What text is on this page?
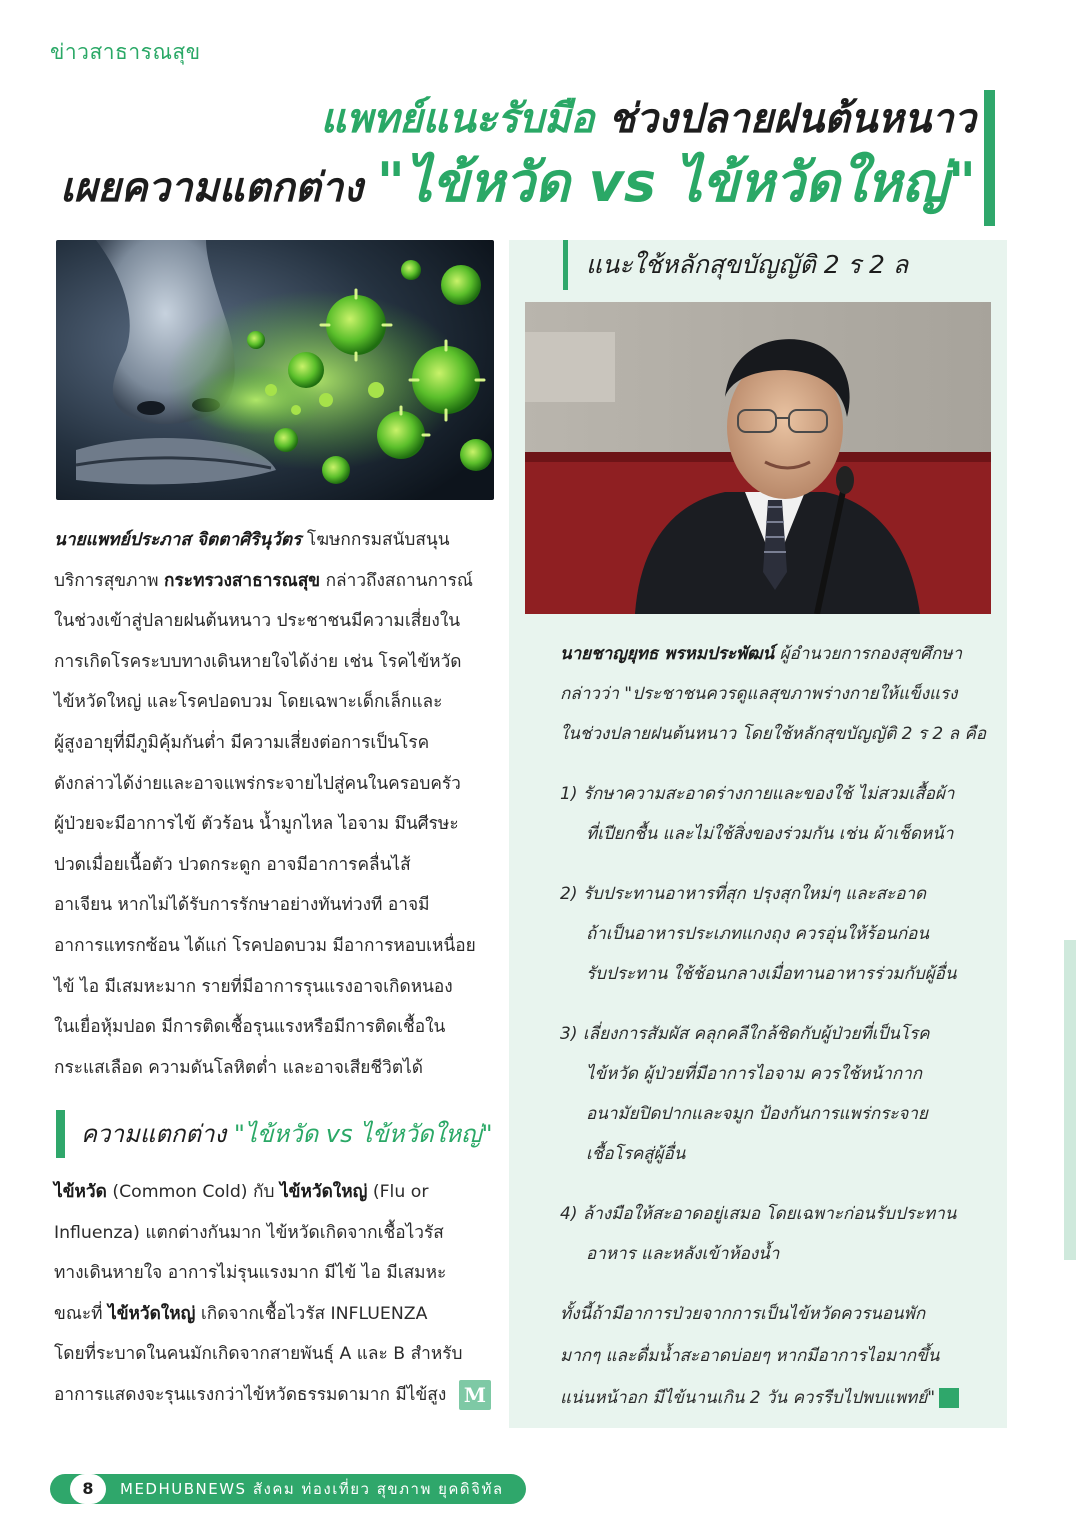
ข่าวสาธารณสุข
แพทย์แนะรับมือ ช่วงปลายฝนต้นหนาว
เผยความแตกต่าง "ไข้หวัด vs ไข้หวัดใหญ่"
นายแพทย์ประภาส จิตตาศิรินุวัตร โฆษกกรมสนับสนุน
บริการสุขภาพ กระทรวงสาธารณสุข กล่าวถึงสถานการณ์
ในช่วงเข้าสู่ปลายฝนต้นหนาว ประชาชนมีความเสี่ยงใน
การเกิดโรคระบบทางเดินหายใจได้ง่าย เช่น โรคไข้หวัด
ไข้หวัดใหญ่ และโรคปอดบวม โดยเฉพาะเด็กเล็กและ
ผู้สูงอายุที่มีภูมิคุ้มกันต่ำ มีความเสี่ยงต่อการเป็นโรค
ดังกล่าวได้ง่ายและอาจแพร่กระจายไปสู่คนในครอบครัว
ผู้ป่วยจะมีอาการไข้ ตัวร้อน น้ำมูกไหล ไอจาม มึนศีรษะ
ปวดเมื่อยเนื้อตัว ปวดกระดูก อาจมีอาการคลื่นไส้
อาเจียน หากไม่ได้รับการรักษาอย่างทันท่วงที อาจมี
อาการแทรกซ้อน ได้แก่ โรคปอดบวม มีอาการหอบเหนื่อย
ไข้ ไอ มีเสมหะมาก รายที่มีอาการรุนแรงอาจเกิดหนอง
ในเยื่อหุ้มปอด มีการติดเชื้อรุนแรงหรือมีการติดเชื้อใน
กระแสเลือด ความดันโลหิตต่ำ และอาจเสียชีวิตได้
ความแตกต่าง "ไข้หวัด vs ไข้หวัดใหญ่"
ไข้หวัด (Common Cold) กับ ไข้หวัดใหญ่ (Flu or
Influenza) แตกต่างกันมาก ไข้หวัดเกิดจากเชื้อไวรัส
ทางเดินหายใจ อาการไม่รุนแรงมาก มีไข้ ไอ มีเสมหะ
ขณะที่ ไข้หวัดใหญ่ เกิดจากเชื้อไวรัส INFLUENZA
โดยที่ระบาดในคนมักเกิดจากสายพันธุ์ A และ B สำหรับ
อาการแสดงจะรุนแรงกว่าไข้หวัดธรรมดามาก มีไข้สูง M
แนะใช้หลักสุขบัญญัติ 2 ร 2 ล
นายชาญยุทธ พรหมประพัฒน์ ผู้อำนวยการกองสุขศึกษา
กล่าวว่า "ประชาชนควรดูแลสุขภาพร่างกายให้แข็งแรง
ในช่วงปลายฝนต้นหนาว โดยใช้หลักสุขบัญญัติ 2 ร 2 ล คือ
1) รักษาความสะอาดร่างกายและของใช้ ไม่สวมเสื้อผ้า
ที่เปียกชื้น และไม่ใช้สิ่งของร่วมกัน เช่น ผ้าเช็ดหน้า
2) รับประทานอาหารที่สุก ปรุงสุกใหม่ๆ และสะอาด
ถ้าเป็นอาหารประเภทแกงถุง ควรอุ่นให้ร้อนก่อน
รับประทาน ใช้ช้อนกลางเมื่อทานอาหารร่วมกับผู้อื่น
3) เลี่ยงการสัมผัส คลุกคลีใกล้ชิดกับผู้ป่วยที่เป็นโรค
ไข้หวัด ผู้ป่วยที่มีอาการไอจาม ควรใช้หน้ากาก
อนามัยปิดปากและจมูก ป้องกันการแพร่กระจาย
เชื้อโรคสู่ผู้อื่น
4) ล้างมือให้สะอาดอยู่เสมอ โดยเฉพาะก่อนรับประทาน
อาหาร และหลังเข้าห้องน้ำ
ทั้งนี้ถ้ามีอาการป่วยจากการเป็นไข้หวัดควรนอนพัก
มากๆ และดื่มน้ำสะอาดบ่อยๆ หากมีอาการไอมากขึ้น
แน่นหน้าอก มีไข้นานเกิน 2 วัน ควรรีบไปพบแพทย์"
8	MEDHUBNEWS สังคม ท่องเที่ยว สุขภาพ ยุคดิจิทัล
